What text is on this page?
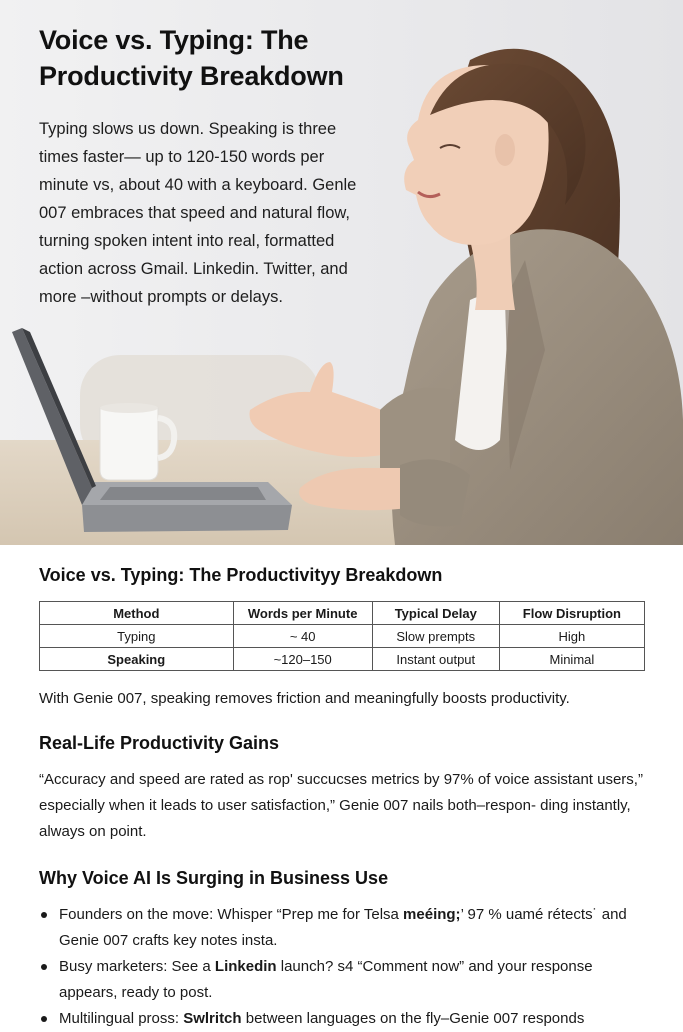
Voice vs. Typing: The Productivity Breakdown
Typing slows us down. Speaking is three times faster— up to 120-150 words per minute vs, about 40 with a keyboard. Genle 007 embraces that speed and natural flow, turning spoken intent into real, formatted action across Gmail. Linkedin. Twitter, and more –without prompts or delays.
Voice vs. Typing: The Productivityy Breakdown
Method	Words per Minute	Typical Delay	Flow Disruption
Typing	~ 40	Slow prempts	High
Speaking	~120–150	Instant output	Minimal
With Genie 007, speaking removes friction and meaningfully boosts productivity.
Real-Life Productivity Gains
“Accuracy and speed are rated as rop' succucses metrics by 97% of voice assistant users,” especially when it leads to user satisfaction,” Genie 007 nails both–respon- ding instantly, always on point.
Why Voice AI Is Surging in Business Use
Founders on the move: Whisper “Prep me for Telsa meéing;’ 97 % uamé rétects˙ and Genie 007 crafts key notes insta.
Busy marketers: See a Linkedin launch? s4 “Comment now” and your response appears, ready to post.
Multilingual pross: Swlritch between languages on the fly–Genie 007 responds
